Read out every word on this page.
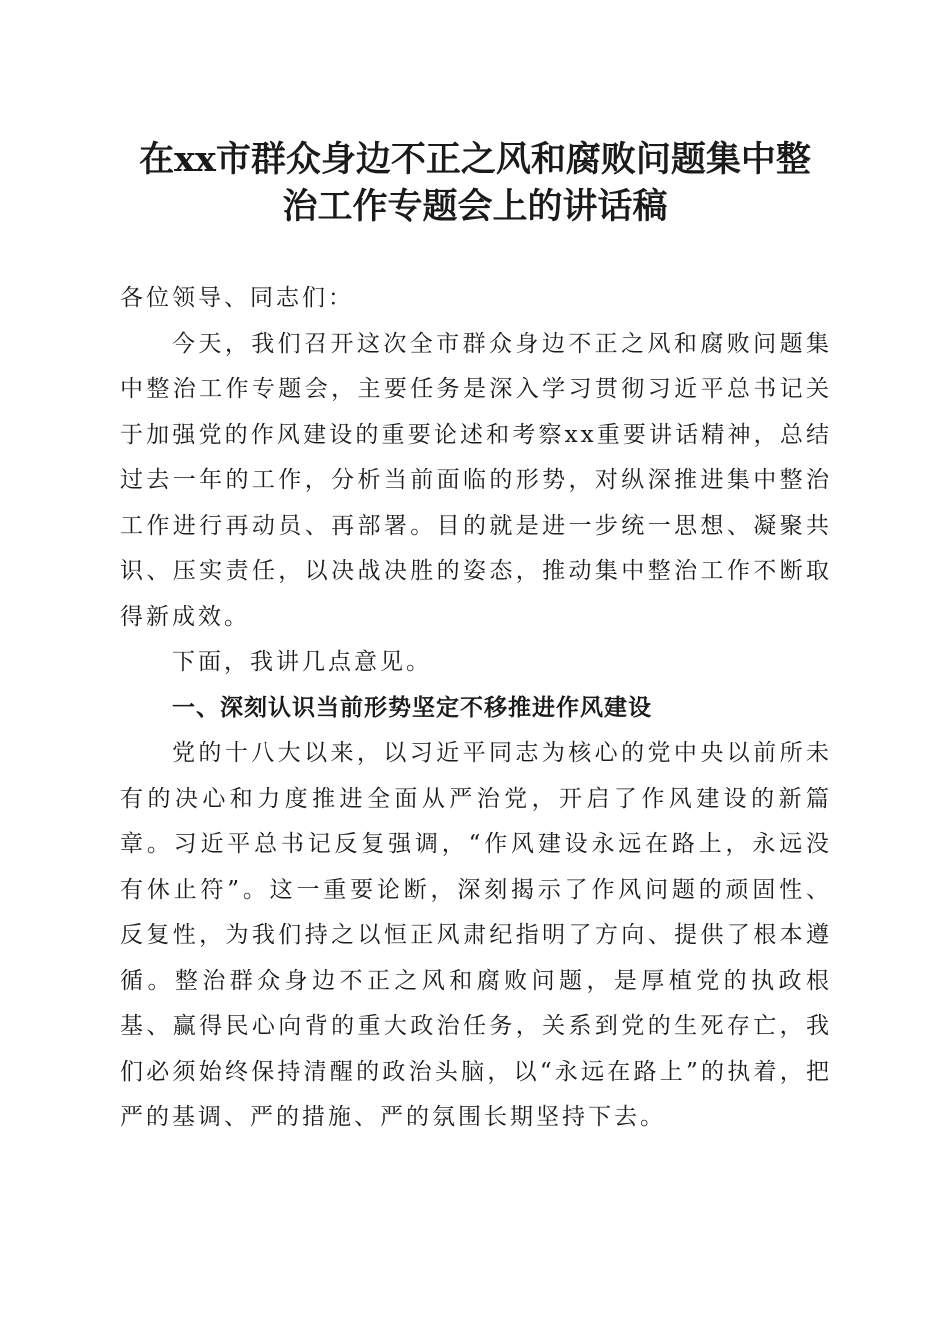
在xx市群众身边不正之风和腐败问题集中整
治工作专题会上的讲话稿

各位领导、同志们：

今天，我们召开这次全市群众身边不正之风和腐败问题集中整治工作专题会，主要任务是深入学习贯彻习近平总书记关于加强党的作风建设的重要论述和考察xx重要讲话精神，总结过去一年的工作，分析当前面临的形势，对纵深推进集中整治工作进行再动员、再部署。目的就是进一步统一思想、凝聚共识、压实责任，以决战决胜的姿态，推动集中整治工作不断取得新成效。

下面，我讲几点意见。

一、深刻认识当前形势坚定不移推进作风建设

党的十八大以来，以习近平同志为核心的党中央以前所未有的决心和力度推进全面从严治党，开启了作风建设的新篇章。习近平总书记反复强调，“作风建设永远在路上，永远没有休止符”。这一重要论断，深刻揭示了作风问题的顽固性、反复性，为我们持之以恒正风肃纪指明了方向、提供了根本遵循。整治群众身边不正之风和腐败问题，是厚植党的执政根基、赢得民心向背的重大政治任务，关系到党的生死存亡，我们必须始终保持清醒的政治头脑，以“永远在路上”的执着，把严的基调、严的措施、严的氛围长期坚持下去。
